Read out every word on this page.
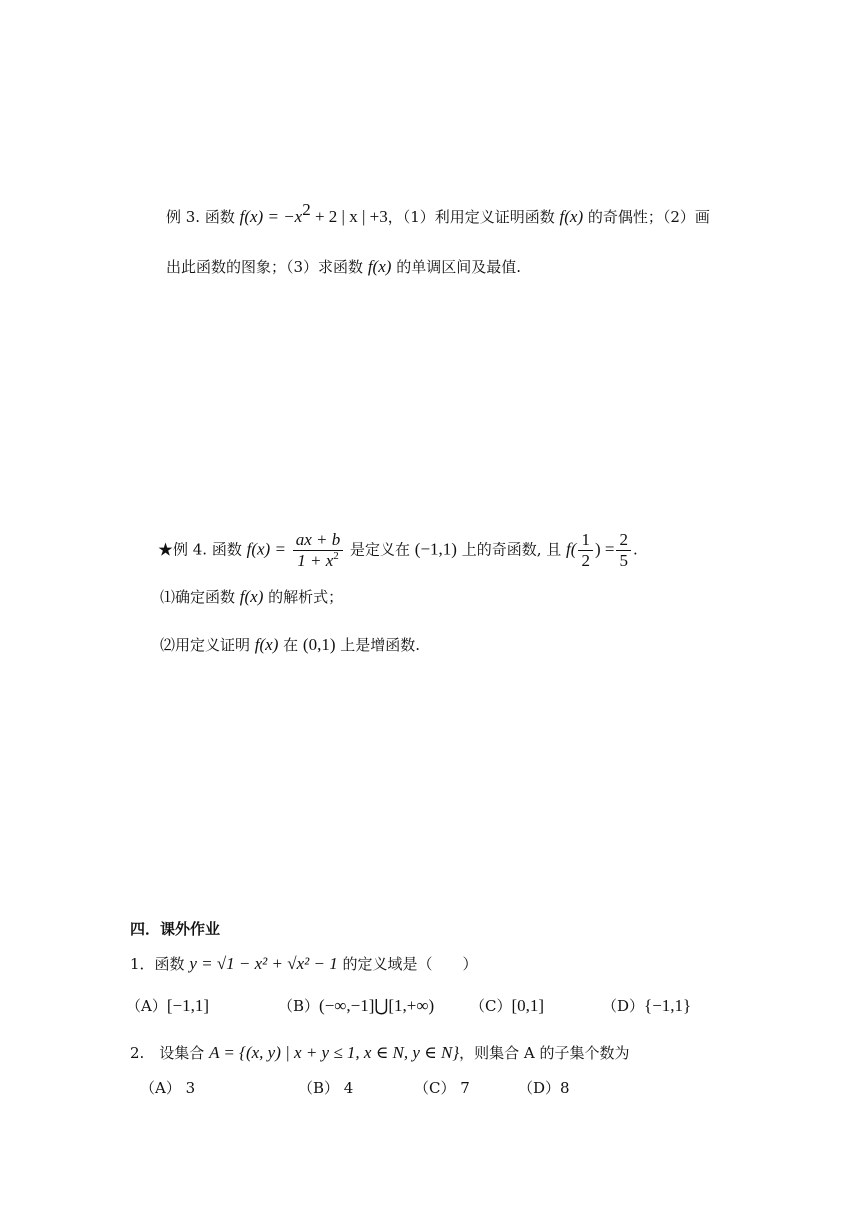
例 3. 函数 $f(x) = -x^2 + 2$ | x | +3，（1）利用定义证明函数 f(x) 的奇偶性；（2）画
出此函数的图象；（3）求函数 f(x) 的单调区间及最值.
★例 4. 函数 $f(x) = \frac{ax + b}{1 + x^2}$ 是定义在 (−1,1) 上的奇函数, 且 $f( \frac{1}{2}$ ) = $\frac{2}{5}$ .
⑴确定函数 f(x) 的解析式；
⑵用定义证明 f(x) 在 (0,1) 上是增函数.
四．课外作业
1．函数 y = √1 − x² + √x² − 1 的定义域是（　　）
（A）[−1,1]	（B）(−∞,−1]⋃[1,+∞) （C）[0,1]	（D）{−1,1}
2.　设集合 A = {(x, y) | x + y ≤ 1, x ∈ N, y ∈ N}，则集合 A 的子集个数为
（A） 3	（B） 4	（C） 7	（D）8
